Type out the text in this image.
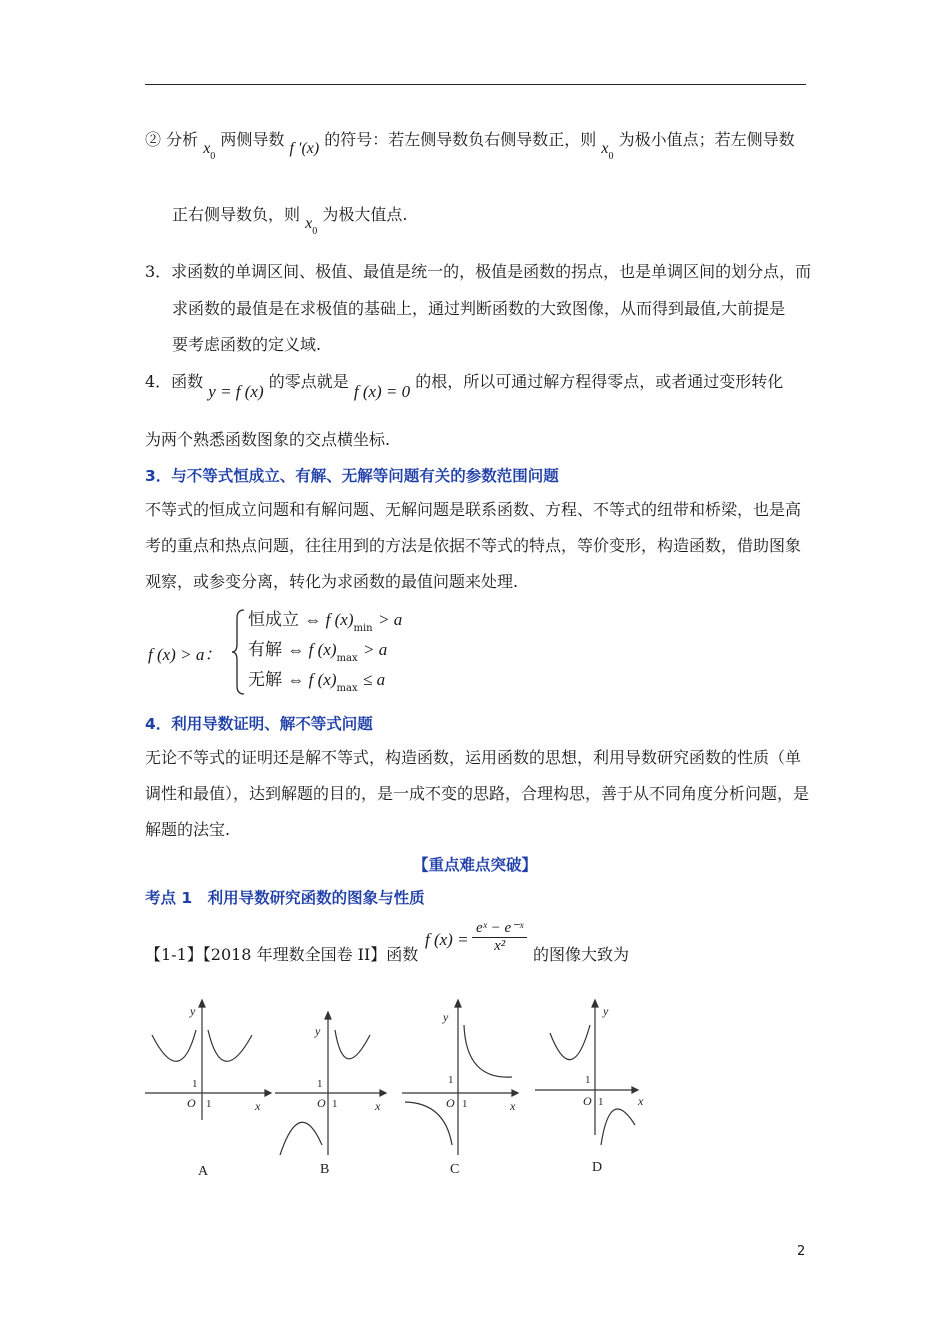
② 分析 $x_0$ 两侧导数 f ′(x) 的符号：若左侧导数负右侧导数正，则 $x_0$ 为极小值点；若左侧导数
正右侧导数负，则 $x_0$ 为极大值点.
3．求函数的单调区间、极值、最值是统一的，极值是函数的拐点，也是单调区间的划分点，而
求函数的最值是在求极值的基础上，通过判断函数的大致图像，从而得到最值,大前提是
要考虑函数的定义域.
4．函数 y = f (x) 的零点就是 f (x) = 0 的根，所以可通过解方程得零点，或者通过变形转化
为两个熟悉函数图象的交点横坐标.
3．与不等式恒成立、有解、无解等问题有关的参数范围问题
不等式的恒成立问题和有解问题、无解问题是联系函数、方程、不等式的纽带和桥梁，也是高
考的重点和热点问题，往往用到的方法是依据不等式的特点，等价变形，构造函数，借助图象
观察，或参变分离，转化为求函数的最值问题来处理.
f (x) > a：
恒成立 ⇔ f $(x)_{min} > a$
有解 ⇔ f $(x)_{max} > a$
无解 ⇔ f $(x)_{max} \le a$
4．利用导数证明、解不等式问题
无论不等式的证明还是解不等式，构造函数，运用函数的思想，利用导数研究函数的性质（单
调性和最值），达到解题的目的，是一成不变的思路，合理构思，善于从不同角度分析问题，是
解题的法宝.
【重点难点突破】
考点 1　利用导数研究函数的图象与性质
【1-1】【2018 年理数全国卷 II】函数
f $(x) = \frac{\text{eˣ − e⁻ˣ}}{\text{x²}}$ 的图像大致为
y
x
O
y
x
O
y
x
O
y
x
O
1
1
1
1
1
1
1
1
A	B	C	D
2
